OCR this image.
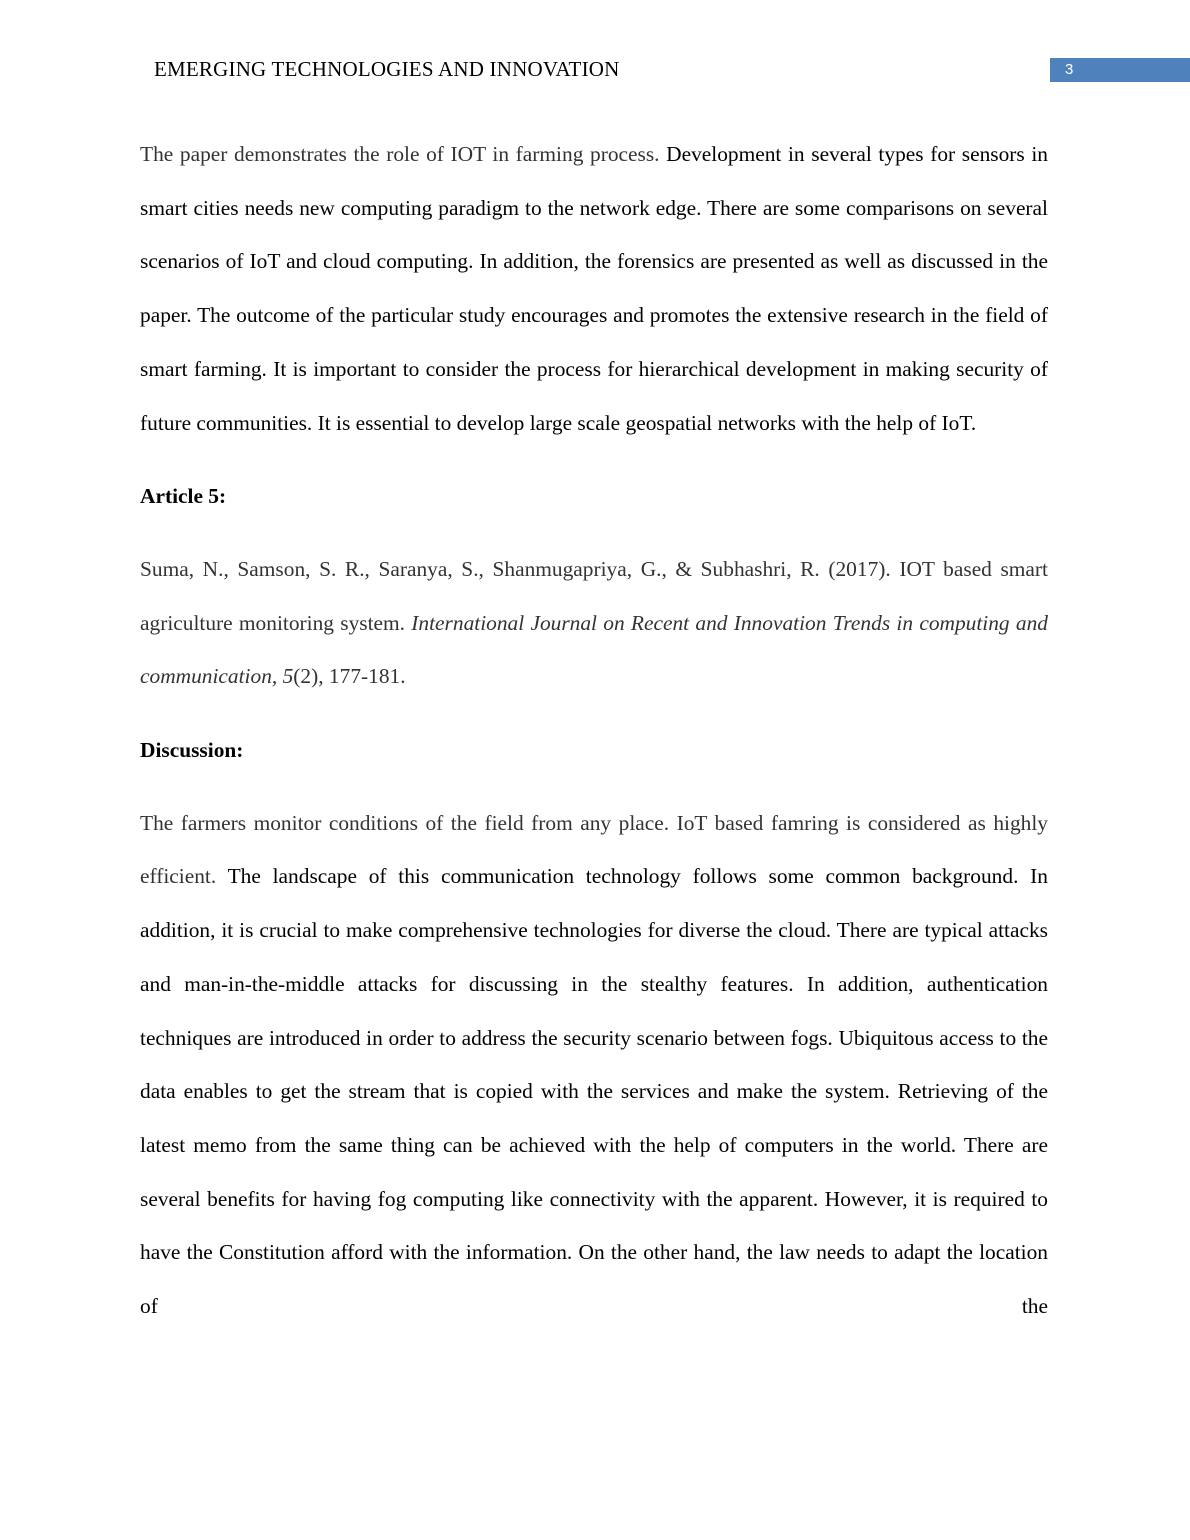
EMERGING TECHNOLOGIES AND INNOVATION	3

The paper demonstrates the role of IOT in farming process. Development in several types for sensors in smart cities needs new computing paradigm to the network edge. There are some comparisons on several scenarios of IoT and cloud computing. In addition, the forensics are presented as well as discussed in the paper. The outcome of the particular study encourages and promotes the extensive research in the field of smart farming. It is important to consider the process for hierarchical development in making security of future communities. It is essential to develop large scale geospatial networks with the help of IoT.

Article 5:

Suma, N., Samson, S. R., Saranya, S., Shanmugapriya, G., & Subhashri, R. (2017). IOT based smart agriculture monitoring system. International Journal on Recent and Innovation Trends in computing and communication, 5(2), 177-181.

Discussion:

The farmers monitor conditions of the field from any place. IoT based famring is considered as highly efficient. The landscape of this communication technology follows some common background. In addition, it is crucial to make comprehensive technologies for diverse the cloud. There are typical attacks and man-in-the-middle attacks for discussing in the stealthy features. In addition, authentication techniques are introduced in order to address the security scenario between fogs. Ubiquitous access to the data enables to get the stream that is copied with the services and make the system. Retrieving of the latest memo from the same thing can be achieved with the help of computers in the world. There are several benefits for having fog computing like connectivity with the apparent. However, it is required to have the Constitution afford with the information. On the other hand, the law needs to adapt the location of the
